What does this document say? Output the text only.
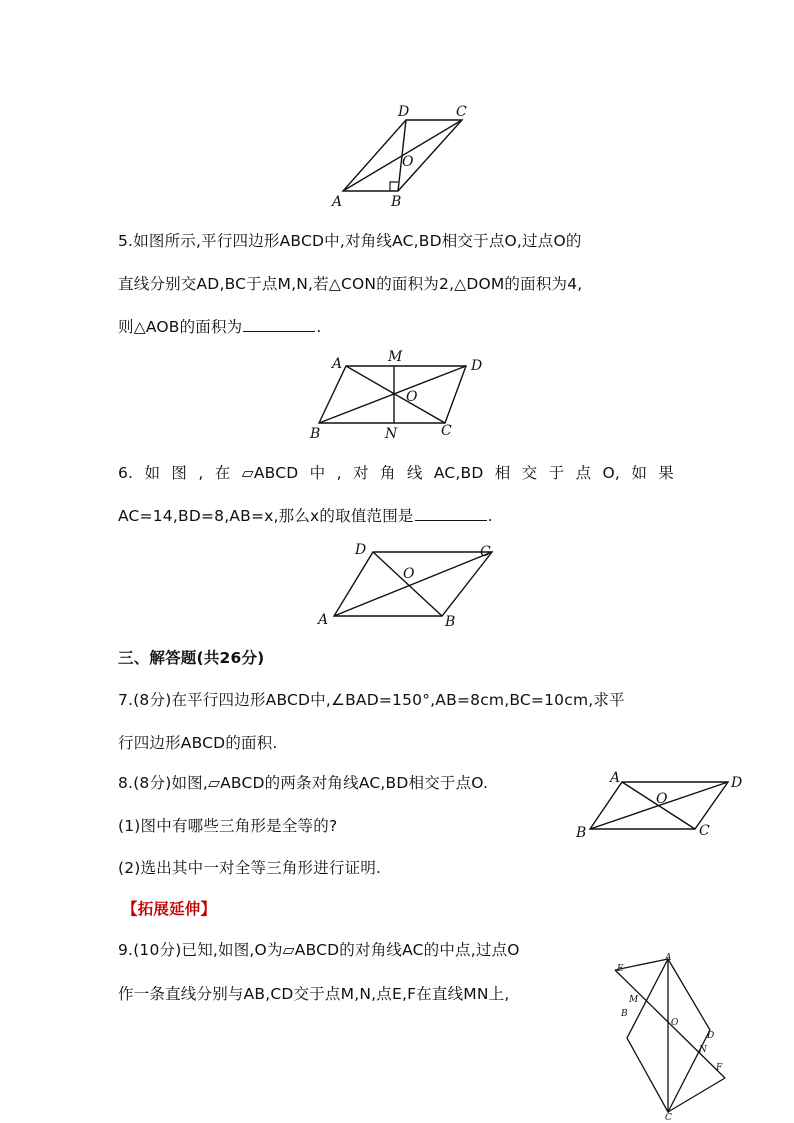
A	B
C
D
O
5.如图所示,平行四边形ABCD中,对角线AC,BD相交于点O,过点O的
直线分别交AD,BC于点M,N,若△CON的面积为2,△DOM的面积为4,
则△AOB的面积为	.
A	M
D
O
B	N	C
6. 如 图 , 在 ▱ABCD 中 , 对 角 线 AC,BD 相 交 于 点 O, 如 果
AC=14,BD=8,AB=x,那么x的取值范围是	.
D	C
O
A	B
三、解答题(共26分)
7.(8分)在平行四边形ABCD中,∠BAD=150°,AB=8cm,BC=10cm,求平
行四边形ABCD的面积.
8.(8分)如图,▱ABCD的两条对角线AC,BD相交于点O.
(1)图中有哪些三角形是全等的?
(2)选出其中一对全等三角形进行证明.
A	D
O
B	C
【拓展延伸】
9.(10分)已知,如图,O为▱ABCD的对角线AC的中点,过点O
作一条直线分别与AB,CD交于点M,N,点E,F在直线MN上,
E
A
M
B
O
D
N
F
C
